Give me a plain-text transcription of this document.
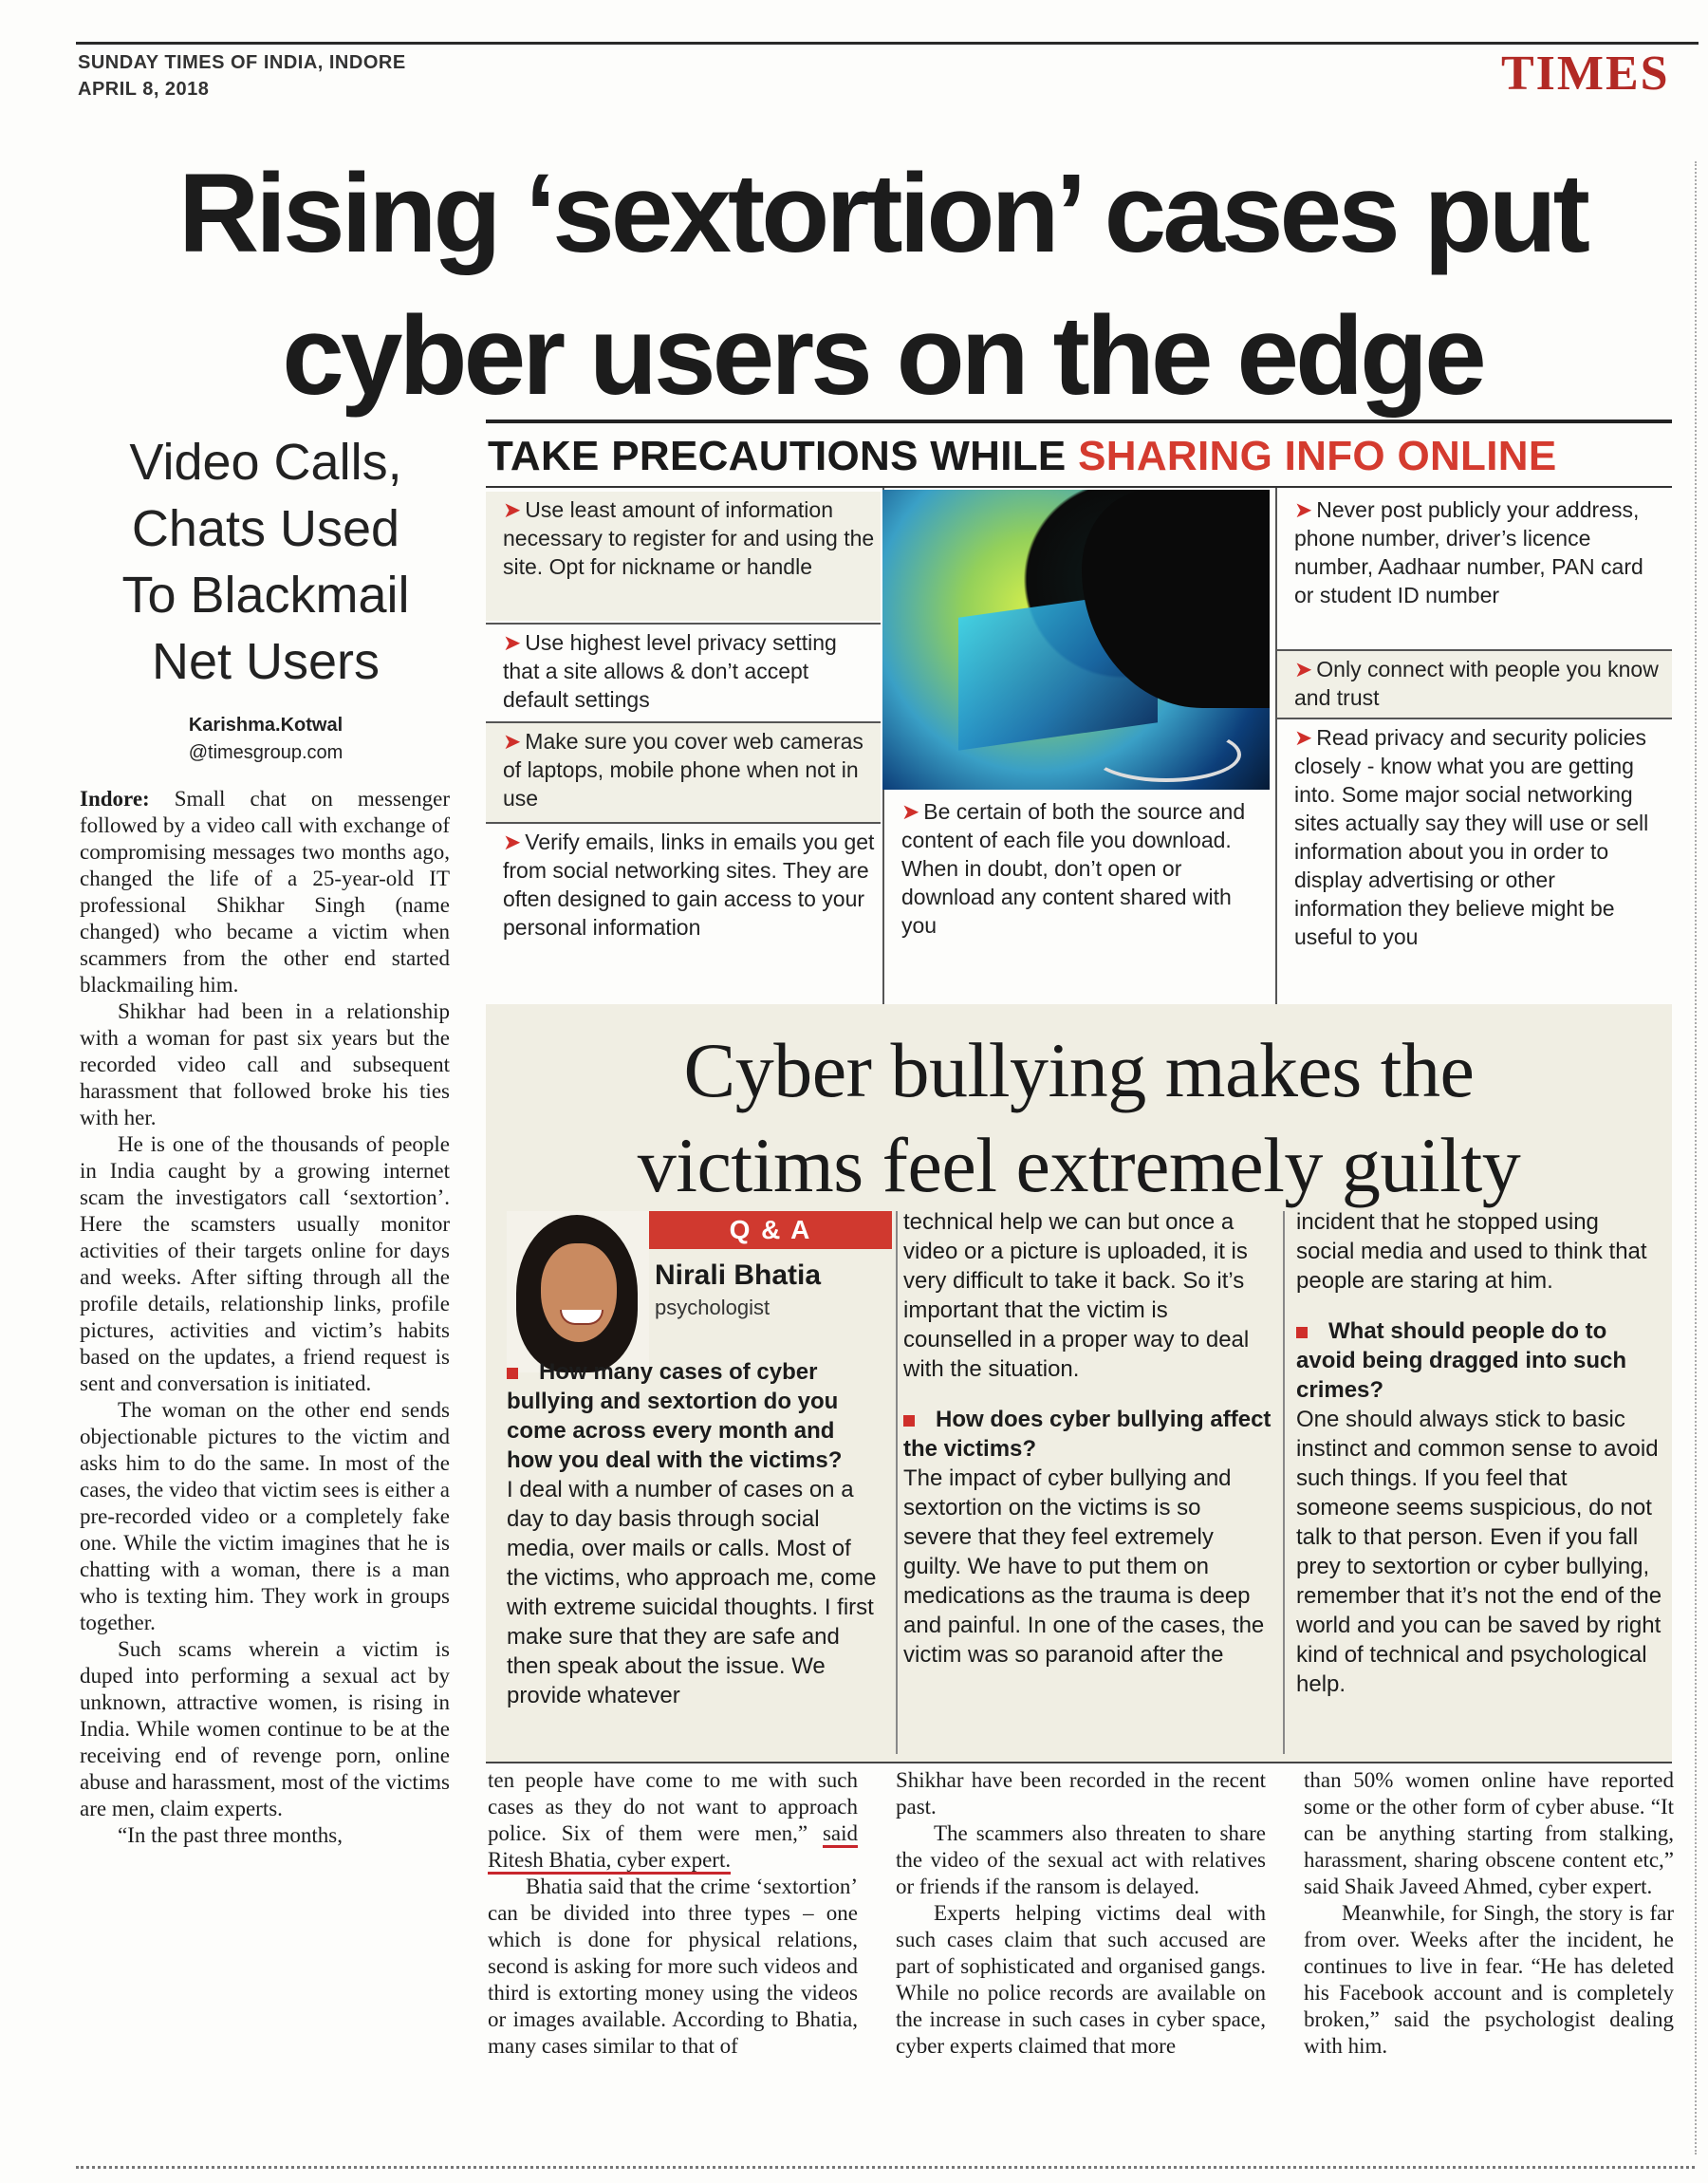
SUNDAY TIMES OF INDIA, INDORE
APRIL 8, 2018	TIMES
Rising ‘sextortion’ cases put
cyber users on the edge
Video Calls,
Chats Used
To Blackmail
Net Users
Karishma.Kotwal
@timesgroup.com

Indore: Small chat on messenger followed by a video call with exchange of compromising messages two months ago, changed the life of a 25-year-old IT professional Shikhar Singh (name changed) who became a victim when scammers from the other end started blackmailing him.

Shikhar had been in a relationship with a woman for past six years but the recorded video call and subsequent harassment that followed broke his ties with her.

He is one of the thousands of people in India caught by a growing internet scam the investigators call ‘sextortion’. Here the scamsters usually monitor activities of their targets online for days and weeks. After sifting through all the profile details, relationship links, profile pictures, activities and victim’s habits based on the updates, a friend request is sent and conversation is initiated.

The woman on the other end sends objectionable pictures to the victim and asks him to do the same. In most of the cases, the video that victim sees is either a pre-recorded video or a completely fake one. While the victim imagines that he is chatting with a woman, there is a man who is texting him. They work in groups together.

Such scams wherein a victim is duped into performing a sexual act by unknown, attractive women, is rising in India. While women continue to be at the receiving end of revenge porn, online abuse and harassment, most of the victims are men, claim experts.

“In the past three months,

TAKE PRECAUTIONS WHILE SHARING INFO ONLINE
➤ Use least amount of information necessary to register for and using the site. Opt for nickname or handle
➤ Use highest level privacy setting that a site allows & don’t accept default settings
➤ Make sure you cover web cameras of laptops, mobile phone when not in use
➤ Verify emails, links in emails you get from social networking sites. They are often designed to gain access to your personal information
➤ Be certain of both the source and content of each file you download. When in doubt, don’t open or download any content shared with you
➤ Never post publicly your address, phone number, driver’s licence number, Aadhaar number, PAN card or student ID number
➤ Only connect with people you know and trust
➤ Read privacy and security policies closely - know what you are getting into. Some major social networking sites actually say they will use or sell information about you in order to display advertising or other information they believe might be useful to you
Cyber bullying makes the
victims feel extremely guilty
Q & A
Nirali Bhatia
psychologist

How many cases of cyber bullying and sextortion do you come across every month and how you deal with the victims?

I deal with a number of cases on a day to day basis through social media, over mails or calls. Most of the victims, who approach me, come with extreme suicidal thoughts. I first make sure that they are safe and then speak about the issue. We provide whatever

technical help we can but once a video or a picture is uploaded, it is very difficult to take it back. So it’s important that the victim is counselled in a proper way to deal with the situation.

How does cyber bullying affect the victims?

The impact of cyber bullying and sextortion on the victims is so severe that they feel extremely guilty. We have to put them on medications as the trauma is deep and painful. In one of the cases, the victim was so paranoid after the

incident that he stopped using social media and used to think that people are staring at him.

What should people do to avoid being dragged into such crimes?

One should always stick to basic instinct and common sense to avoid such things. If you feel that someone seems suspicious, do not talk to that person. Even if you fall prey to sextortion or cyber bullying, remember that it’s not the end of the world and you can be saved by right kind of technical and psychological help.

ten people have come to me with such cases as they do not want to approach police. Six of them were men,” said Ritesh Bhatia, cyber expert.

Bhatia said that the crime ‘sextortion’ can be divided into three types – one which is done for physical relations, second is asking for more such videos and third is extorting money using the videos or images available. According to Bhatia, many cases similar to that of

Shikhar have been recorded in the recent past.

The scammers also threaten to share the video of the sexual act with relatives or friends if the ransom is delayed.

Experts helping victims deal with such cases claim that such accused are part of sophisticated and organised gangs. While no police records are available on the increase in such cases in cyber space, cyber experts claimed that more

than 50% women online have reported some or the other form of cyber abuse. “It can be anything starting from stalking, harassment, sharing obscene content etc,” said Shaik Javeed Ahmed, cyber expert.

Meanwhile, for Singh, the story is far from over. Weeks after the incident, he continues to live in fear. “He has deleted his Facebook account and is completely broken,” said the psychologist dealing with him.
